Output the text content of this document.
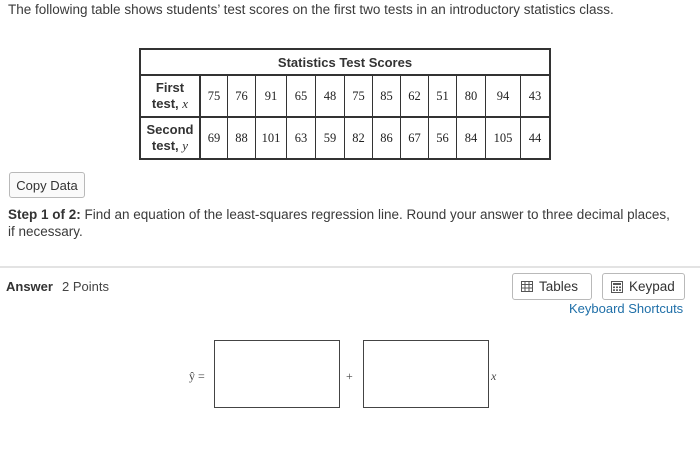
The following table shows students’ test scores on the first two tests in an introductory statistics class.
Statistics Test Scores												
First
test, x	75	76	91	65	48	75	85	62	51	80	94	43
Second
test, y	69	88	101	63	59	82	86	67	56	84	105	44
Copy Data
Step 1 of 2: Find an equation of the least-squares regression line. Round your answer to three decimal places, if necessary.
Answer 2 Points	Tables	Keypad
Keyboard Shortcuts
ŷ =	+	x
